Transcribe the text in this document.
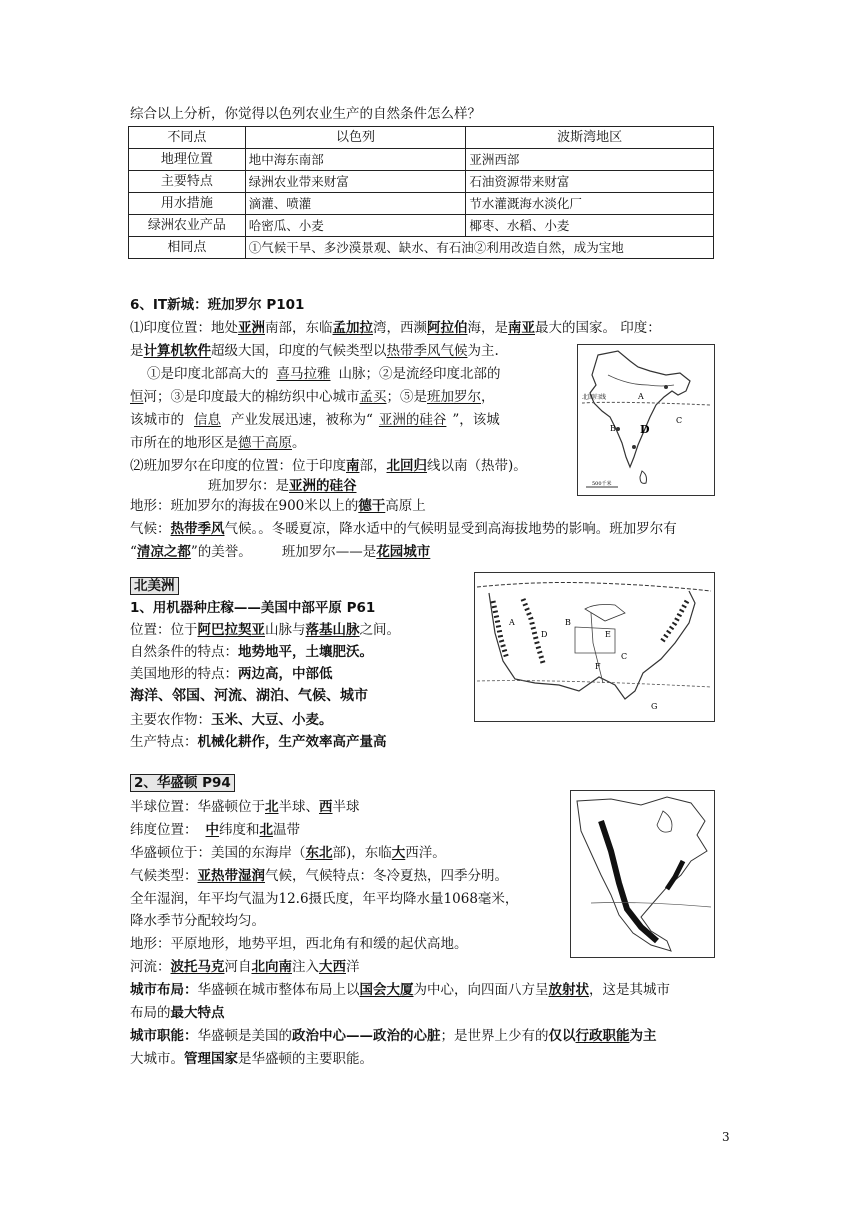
综合以上分析，你觉得以色列农业生产的自然条件怎么样？
不同点	以色列	波斯湾地区
地理位置	地中海东南部	亚洲西部
主要特点	绿洲农业带来财富	石油资源带来财富
用水措施	滴灌、喷灌	节水灌溉海水淡化厂
绿洲农业产品	哈密瓜、小麦	椰枣、水稻、小麦
相同点	①气候干旱、多沙漠景观、缺水、有石油②利用改造自然，成为宝地	
6、IT新城：班加罗尔 P101
⑴印度位置：地处亚洲南部，东临孟加拉湾，西濒阿拉伯海，是南亚最大的国家。 印度：
是计算机软件超级大国，印度的气候类型以热带季风气候为主.
①是印度北部高大的 喜马拉雅 山脉；②是流经印度北部的
恒河；③是印度最大的棉纺织中心城市孟买；⑤是班加罗尔，
该城市的 信息 产业发展迅速，被称为“ 亚洲的硅谷 ”，该城
市所在的地形区是德干高原。
⑵班加罗尔在印度的位置：位于印度南部，北回归线以南（热带)。
班加罗尔：是亚洲的硅谷
地形：班加罗尔的海拔在900米以上的德干高原上
气候：热带季风气候。。冬暖夏凉，降水适中的气候明显受到高海拔地势的影响。班加罗尔有
“清凉之都”的美誉。 班加罗尔——是花园城市
北回归线	A
B
C
D
500千米
北美洲
1、用机器种庄稼——美国中部平原 P61
位置：位于阿巴拉契亚山脉与落基山脉之间。
自然条件的特点：地势地平，土壤肥沃。
美国地形的特点：两边高，中部低
海洋、邻国、河流、湖泊、气候、城市
主要农作物：玉米、大豆、小麦。
生产特点：机械化耕作，生产效率高产量高
A	B
C
D	E
F
G
2、华盛顿 P94
半球位置：华盛顿位于北半球、西半球
纬度位置： 中纬度和北温带
华盛顿位于：美国的东海岸（东北部)，东临大西洋。
气候类型：亚热带湿润气候，气候特点：冬冷夏热，四季分明。
全年湿润，年平均气温为12.6摄氏度，年平均降水量1068毫米，
降水季节分配较均匀。
地形：平原地形，地势平坦，西北角有和缓的起伏高地。
河流：波托马克河自北向南注入大西洋
城市布局：华盛顿在城市整体布局上以国会大厦为中心，向四面八方呈放射状，这是其城市
布局的最大特点
城市职能：华盛顿是美国的政治中心——政治的心脏；是世界上少有的仅以行政职能为主
大城市。管理国家是华盛顿的主要职能。
3
